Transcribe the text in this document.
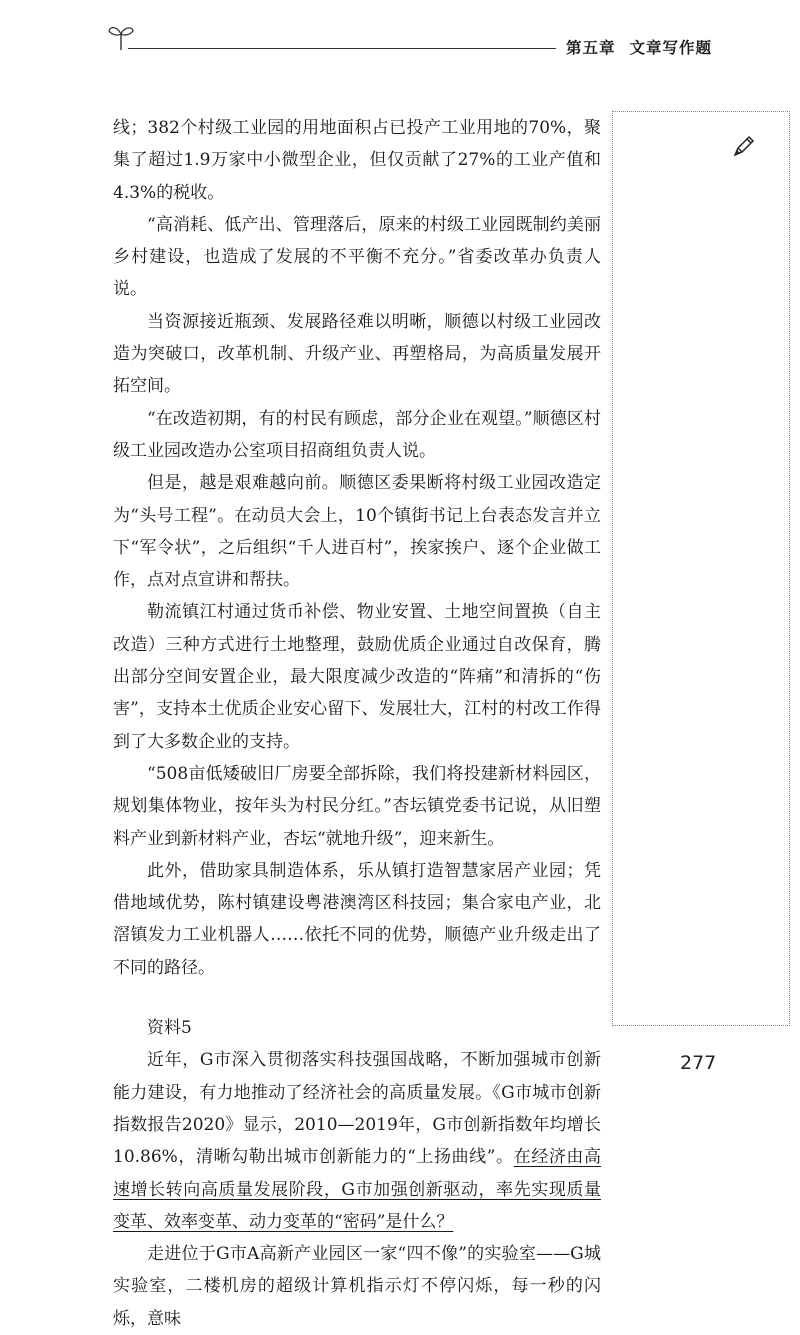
第五章 文章写作题

线；382个村级工业园的用地面积占已投产工业用地的70%，聚集了超过1.9万家中小微型企业，但仅贡献了27%的工业产值和4.3%的税收。

“高消耗、低产出、管理落后，原来的村级工业园既制约美丽乡村建设，也造成了发展的不平衡不充分。”省委改革办负责人说。

当资源接近瓶颈、发展路径难以明晰，顺德以村级工业园改造为突破口，改革机制、升级产业、再塑格局，为高质量发展开拓空间。

“在改造初期，有的村民有顾虑，部分企业在观望。”顺德区村级工业园改造办公室项目招商组负责人说。

但是，越是艰难越向前。顺德区委果断将村级工业园改造定为“头号工程”。在动员大会上，10个镇街书记上台表态发言并立下“军令状”，之后组织“千人进百村”，挨家挨户、逐个企业做工作，点对点宣讲和帮扶。

勒流镇江村通过货币补偿、物业安置、土地空间置换（自主改造）三种方式进行土地整理，鼓励优质企业通过自改保育，腾出部分空间安置企业，最大限度减少改造的“阵痛”和清拆的“伤害”，支持本土优质企业安心留下、发展壮大，江村的村改工作得到了大多数企业的支持。

“508亩低矮破旧厂房要全部拆除，我们将投建新材料园区，规划集体物业，按年头为村民分红。”杏坛镇党委书记说，从旧塑料产业到新材料产业，杏坛“就地升级”，迎来新生。

此外，借助家具制造体系，乐从镇打造智慧家居产业园；凭借地域优势，陈村镇建设粤港澳湾区科技园；集合家电产业，北滘镇发力工业机器人……依托不同的优势，顺德产业升级走出了不同的路径。

资料5

近年，G市深入贯彻落实科技强国战略，不断加强城市创新能力建设，有力地推动了经济社会的高质量发展。《G市城市创新指数报告2020》显示，2010—2019年，G市创新指数年均增长10.86%，清晰勾勒出城市创新能力的“上扬曲线”。在经济由高速增长转向高质量发展阶段，G市加强创新驱动，率先实现质量变革、效率变革、动力变革的“密码”是什么？

走进位于G市A高新产业园区一家“四不像”的实验室——G城实验室，二楼机房的超级计算机指示灯不停闪烁，每一秒的闪烁，意味

277
